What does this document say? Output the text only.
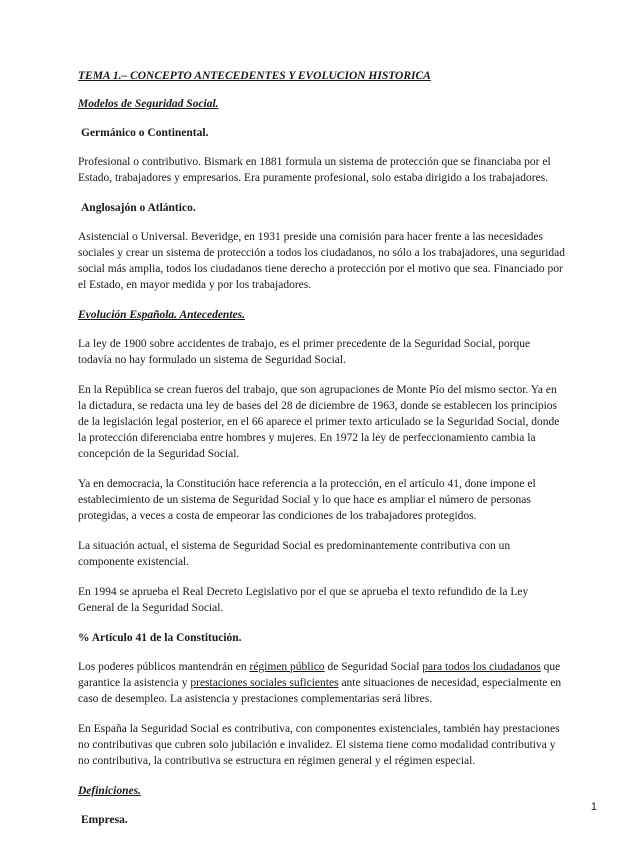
TEMA 1.– CONCEPTO ANTECEDENTES Y EVOLUCION HISTORICA
Modelos de Seguridad Social.
Germánico o Continental.

Profesional o contributivo. Bismark en 1881 formula un sistema de protección que se financiaba por el Estado, trabajadores y empresarios. Era puramente profesional, solo estaba dirigido a los trabajadores.

Anglosajón o Atlántico.

Asistencial o Universal. Beveridge, en 1931 preside una comisión para hacer frente a las necesidades sociales y crear un sistema de protección a todos los ciudadanos, no sólo a los trabajadores, una seguridad social más amplia, todos los ciudadanos tiene derecho a protección por el motivo que sea. Financiado por el Estado, en mayor medida y por los trabajadores.

Evolución Española. Antecedentes.

La ley de 1900 sobre accidentes de trabajo, es el primer precedente de la Seguridad Social, porque todavía no hay formulado un sistema de Seguridad Social.

En la República se crean fueros del trabajo, que son agrupaciones de Monte Pío del mismo sector. Ya en la dictadura, se redacta una ley de bases del 28 de diciembre de 1963, donde se establecen los principios de la legislación legal posterior, en el 66 aparece el primer texto articulado se la Seguridad Social, donde la protección diferenciaba entre hombres y mujeres. En 1972 la ley de perfeccionamiento cambia la concepción de la Seguridad Social.

Ya en democracia, la Constitución hace referencia a la protección, en el artículo 41, done impone el establecimiento de un sistema de Seguridad Social y lo que hace es ampliar el número de personas protegidas, a veces a costa de empeorar las condiciones de los trabajadores protegidos.

La situación actual, el sistema de Seguridad Social es predominantemente contributiva con un componente existencial.

En 1994 se aprueba el Real Decreto Legislativo por el que se aprueba el texto refundido de la Ley General de la Seguridad Social.

% Artículo 41 de la Constitución.

Los poderes públicos mantendrán en régimen público de Seguridad Social para todos los ciudadanos que garantice la asistencia y prestaciones sociales suficientes ante situaciones de necesidad, especialmente en caso de desempleo. La asistencia y prestaciones complementarias será libres.

En España la Seguridad Social es contributiva, con componentes existenciales, también hay prestaciones no contributivas que cubren solo jubilación e invalidez. El sistema tiene como modalidad contributiva y no contributiva, la contributiva se estructura en régimen general y el régimen especial.

Definiciones.
Empresa.
1
